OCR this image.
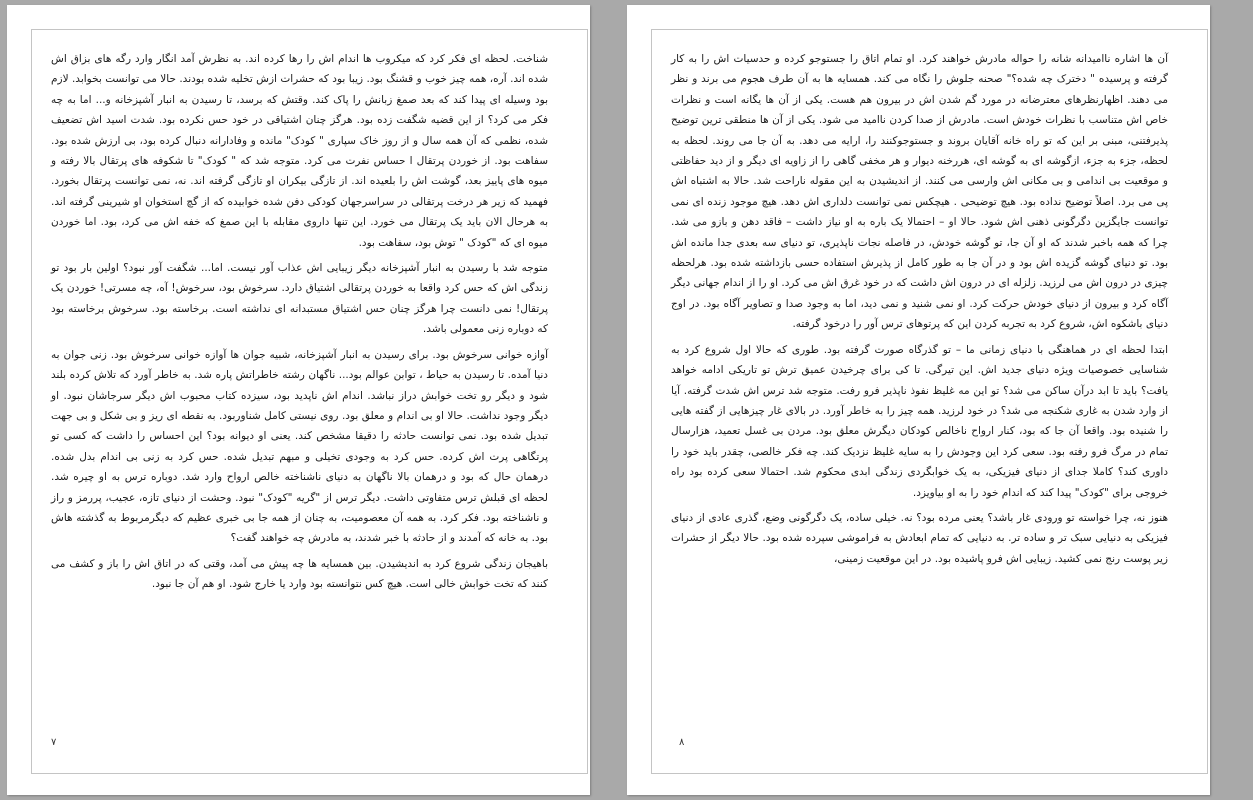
شناخت. لحظه ای فکر کرد که میکروب ها اندام اش را رها کرده اند. به نظرش آمد انگار وارد رگه های بزاق اش شده اند. آره، همه چیز خوب و قشنگ بود. زیبا بود که حشرات ازش تخلیه شده بودند. حالا می توانست بخوابد. لازم بود وسیله ای پیدا کند که بعد صمغ زبانش را پاک کند. وقتش که برسد، تا رسیدن به انبار آشپزخانه و... اما به چه فکر می کرد؟ از این قضیه شگفت زده بود. هرگز چنان اشتیاقی در خود حس نکرده بود. شدت اسید اش تضعیف شده، نظمی که آن همه سال و از روز خاک سپاری " کودک" مانده و وفادارانه دنبال کرده بود، بی ارزش شده بود. سفاهت بود. از خوردن پرتقال ا حساس نفرت می کرد. متوجه شد که " کودک" تا شکوفه های پرتقال بالا رفته و میوه های پاییز بعد، گوشت اش را بلعیده اند. از تازگی بیکران او تازگی گرفته اند. نه، نمی توانست پرتقال بخورد. فهمید که زیر هر درخت پرتقالی در سراسرجهان کودکی دفن شده خوابیده که از گچ استخوان او شیرینی گرفته اند. به هرحال الان باید یک پرتقال می خورد. این تنها داروی مقابله با این صمغ که خفه اش می کرد، بود. اما خوردن میوه ای که "کودک " توش بود، سفاهت بود.

متوجه شد با رسیدن به انبار آشپزخانه دیگر زیبایی اش عذاب آور نیست. اما... شگفت آور نبود؟ اولین بار بود تو زندگی اش که حس کرد واقعا به خوردن پرتقالی اشتیاق دارد. سرخوش بود، سرخوش! آه، چه مسرتی! خوردن یک پرتقال! نمی دانست چرا هرگز چنان حس اشتیاق مستبدانه ای نداشته است. برخاسته بود. سرخوش برخاسته بود که دوباره زنی معمولی باشد.

آوازه خوانی سرخوش بود. برای رسیدن به انبار آشپزخانه، شبیه جوان ها آوازه خوانی سرخوش بود. زنی جوان به دنیا آمده. تا رسیدن به حیاط ، توابن عوالم بود... ناگهان رشته خاطراتش پاره شد. به خاطر آورد که تلاش کرده بلند شود و دیگر رو تخت خوابش دراز نباشد. اندام اش ناپدید بود، سیزده کتاب محبوب اش دیگر سرجاشان نبود. او دیگر وجود نداشت. حالا او بی اندام و معلق بود. روی نیستی کامل شناوربود. به نقطه ای ریز و بی شکل و بی جهت تبدیل شده بود. نمی توانست حادثه را دقیقا مشخص کند. یعنی او دیوانه بود؟ این احساس را داشت که کسی تو پرتگاهی پرت اش کرده. حس کرد به وجودی تخیلی و مبهم تبدیل شده. حس کرد به زنی بی اندام بدل شده. درهمان حال که بود و درهمان بالا ناگهان به دنیای ناشناخته خالص ارواح وارد شد. دوباره ترس به او چیره شد. لحظه ای قبلش ترس متفاوتی داشت. دیگر ترس از "گریه "کودک" نبود. وحشت از دنیای تازه، عجیب، پررمز و راز و ناشناخته بود. فکر کرد. به همه آن معصومیت، به چنان از همه جا بی خبری عظیم که دیگرمربوط به گذشته هاش بود. به خانه که آمدند و از حادثه با خبر شدند، به مادرش چه خواهند گفت؟

باهیجان زندگی شروع کرد به اندیشیدن. بین همسایه ها چه پیش می آمد، وقتی که در اتاق اش را باز و کشف می کنند که تخت خوابش خالی است. هیچ کس نتوانسته بود وارد یا خارج شود. او هم آن جا نبود.

۷

آن ها اشاره ناامیدانه شانه را حواله مادرش خواهند کرد. او تمام اتاق را جستوجو کرده و حدسیات اش را به کار گرفته و پرسیده " دخترک چه شده؟" صحنه جلوش را نگاه می کند. همسایه ها به آن طرف هجوم می برند و نظر می دهند. اظهارنظرهای معترضانه در مورد گم شدن اش در بیرون هم هست. یکی از آن ها یگانه است و نظرات خاص اش متناسب با نظرات خودش است. مادرش از صدا کردن ناامید می شود. یکی از آن ها منطقی ترین توضیح پذیرفتنی، مبنی بر این که تو راه خانه آقایان بروند و جستوجوکنند را، ارایه می دهد. به آن جا می روند. لحظه به لحظه، جزء به جزء، ازگوشه ای به گوشه ای، هررخنه دیوار و هر مخفی گاهی را از زاویه ای دیگر و از دید حفاظتی و موقعیت بی اندامی و بی مکانی اش وارسی می کنند. از اندیشیدن به این مقوله ناراحت شد. حالا به اشتباه اش پی می برد. اصلاً توضیح نداده بود. هیچ توضیحی . هیچکس نمی توانست دلداری اش دهد. هیچ موجود زنده ای نمی توانست جایگزین دگرگونی ذهنی اش شود. حالا او – احتمالا یک باره به او نیاز داشت – فاقد دهن و بازو می شد. چرا که همه باخبر شدند که او آن جا، تو گوشه خودش، در فاصله نجات ناپذیری، تو دنیای سه بعدی جدا مانده اش بود. تو دنیای گوشه گزیده اش بود و در آن جا به طور کامل از پذیرش استفاده حسی بازداشته شده بود. هرلحظه چیزی در درون اش می لرزید. زلزله ای در درون اش داشت که در خود غرق اش می کرد. او را از اندام جهانی دیگر آگاه کرد و بیرون از دنیای خودش حرکت کرد. او نمی شنید و نمی دید، اما به وجود صدا و تصاویر آگاه بود. در اوج دنیای باشکوه اش، شروع کرد به تجربه کردن این که پرتوهای ترس آور را درخود گرفته.

ابتدا لحظه ای در هماهنگی با دنیای زمانی ما – تو گذرگاه صورت گرفته بود. طوری که حالا اول شروع کرد به شناسایی خصوصیات ویژه دنیای جدید اش. این تیرگی. تا کی برای چرخیدن عمیق ترش تو تاریکی ادامه خواهد یافت؟ باید تا ابد درآن ساکن می شد؟ تو این مه غلیظ نفوذ ناپذیر فرو رفت. متوجه شد ترس اش شدت گرفته. آیا از وارد شدن به غاری شکنجه می شد؟ در خود لرزید. همه چیز را به خاطر آورد. در بالای غار چیزهایی از گفته هایی را شنیده بود. واقعا آن جا که بود، کنار ارواح ناخالص کودکان دیگرش معلق بود. مردن بی غسل تعمید، هزارسال تمام در مرگ فرو رفته بود. سعی کرد این وجودش را به سایه غلیظ نزدیک کند. چه فکر خالصی، چقدر باید خود را داوری کند؟ کاملا جدای از دنیای فیزیکی، به یک خوابگردی زندگی ابدی محکوم شد. احتمالا سعی کرده بود راه خروجی برای "کودک" پیدا کند که اندام خود را به او بیاویزد.

هنوز نه، چرا خواسته تو ورودی غار باشد؟ یعنی مرده بود؟ نه. خیلی ساده، یک دگرگونی وضع، گذری عادی از دنیای فیزیکی به دنیایی سبک تر و ساده تر. به دنیایی که تمام ابعادش به فراموشی سپرده شده بود. حالا دیگر از حشرات زیر پوست رنج نمی کشید. زیبایی اش فرو پاشیده بود. در این موقعیت زمینی،

۸
